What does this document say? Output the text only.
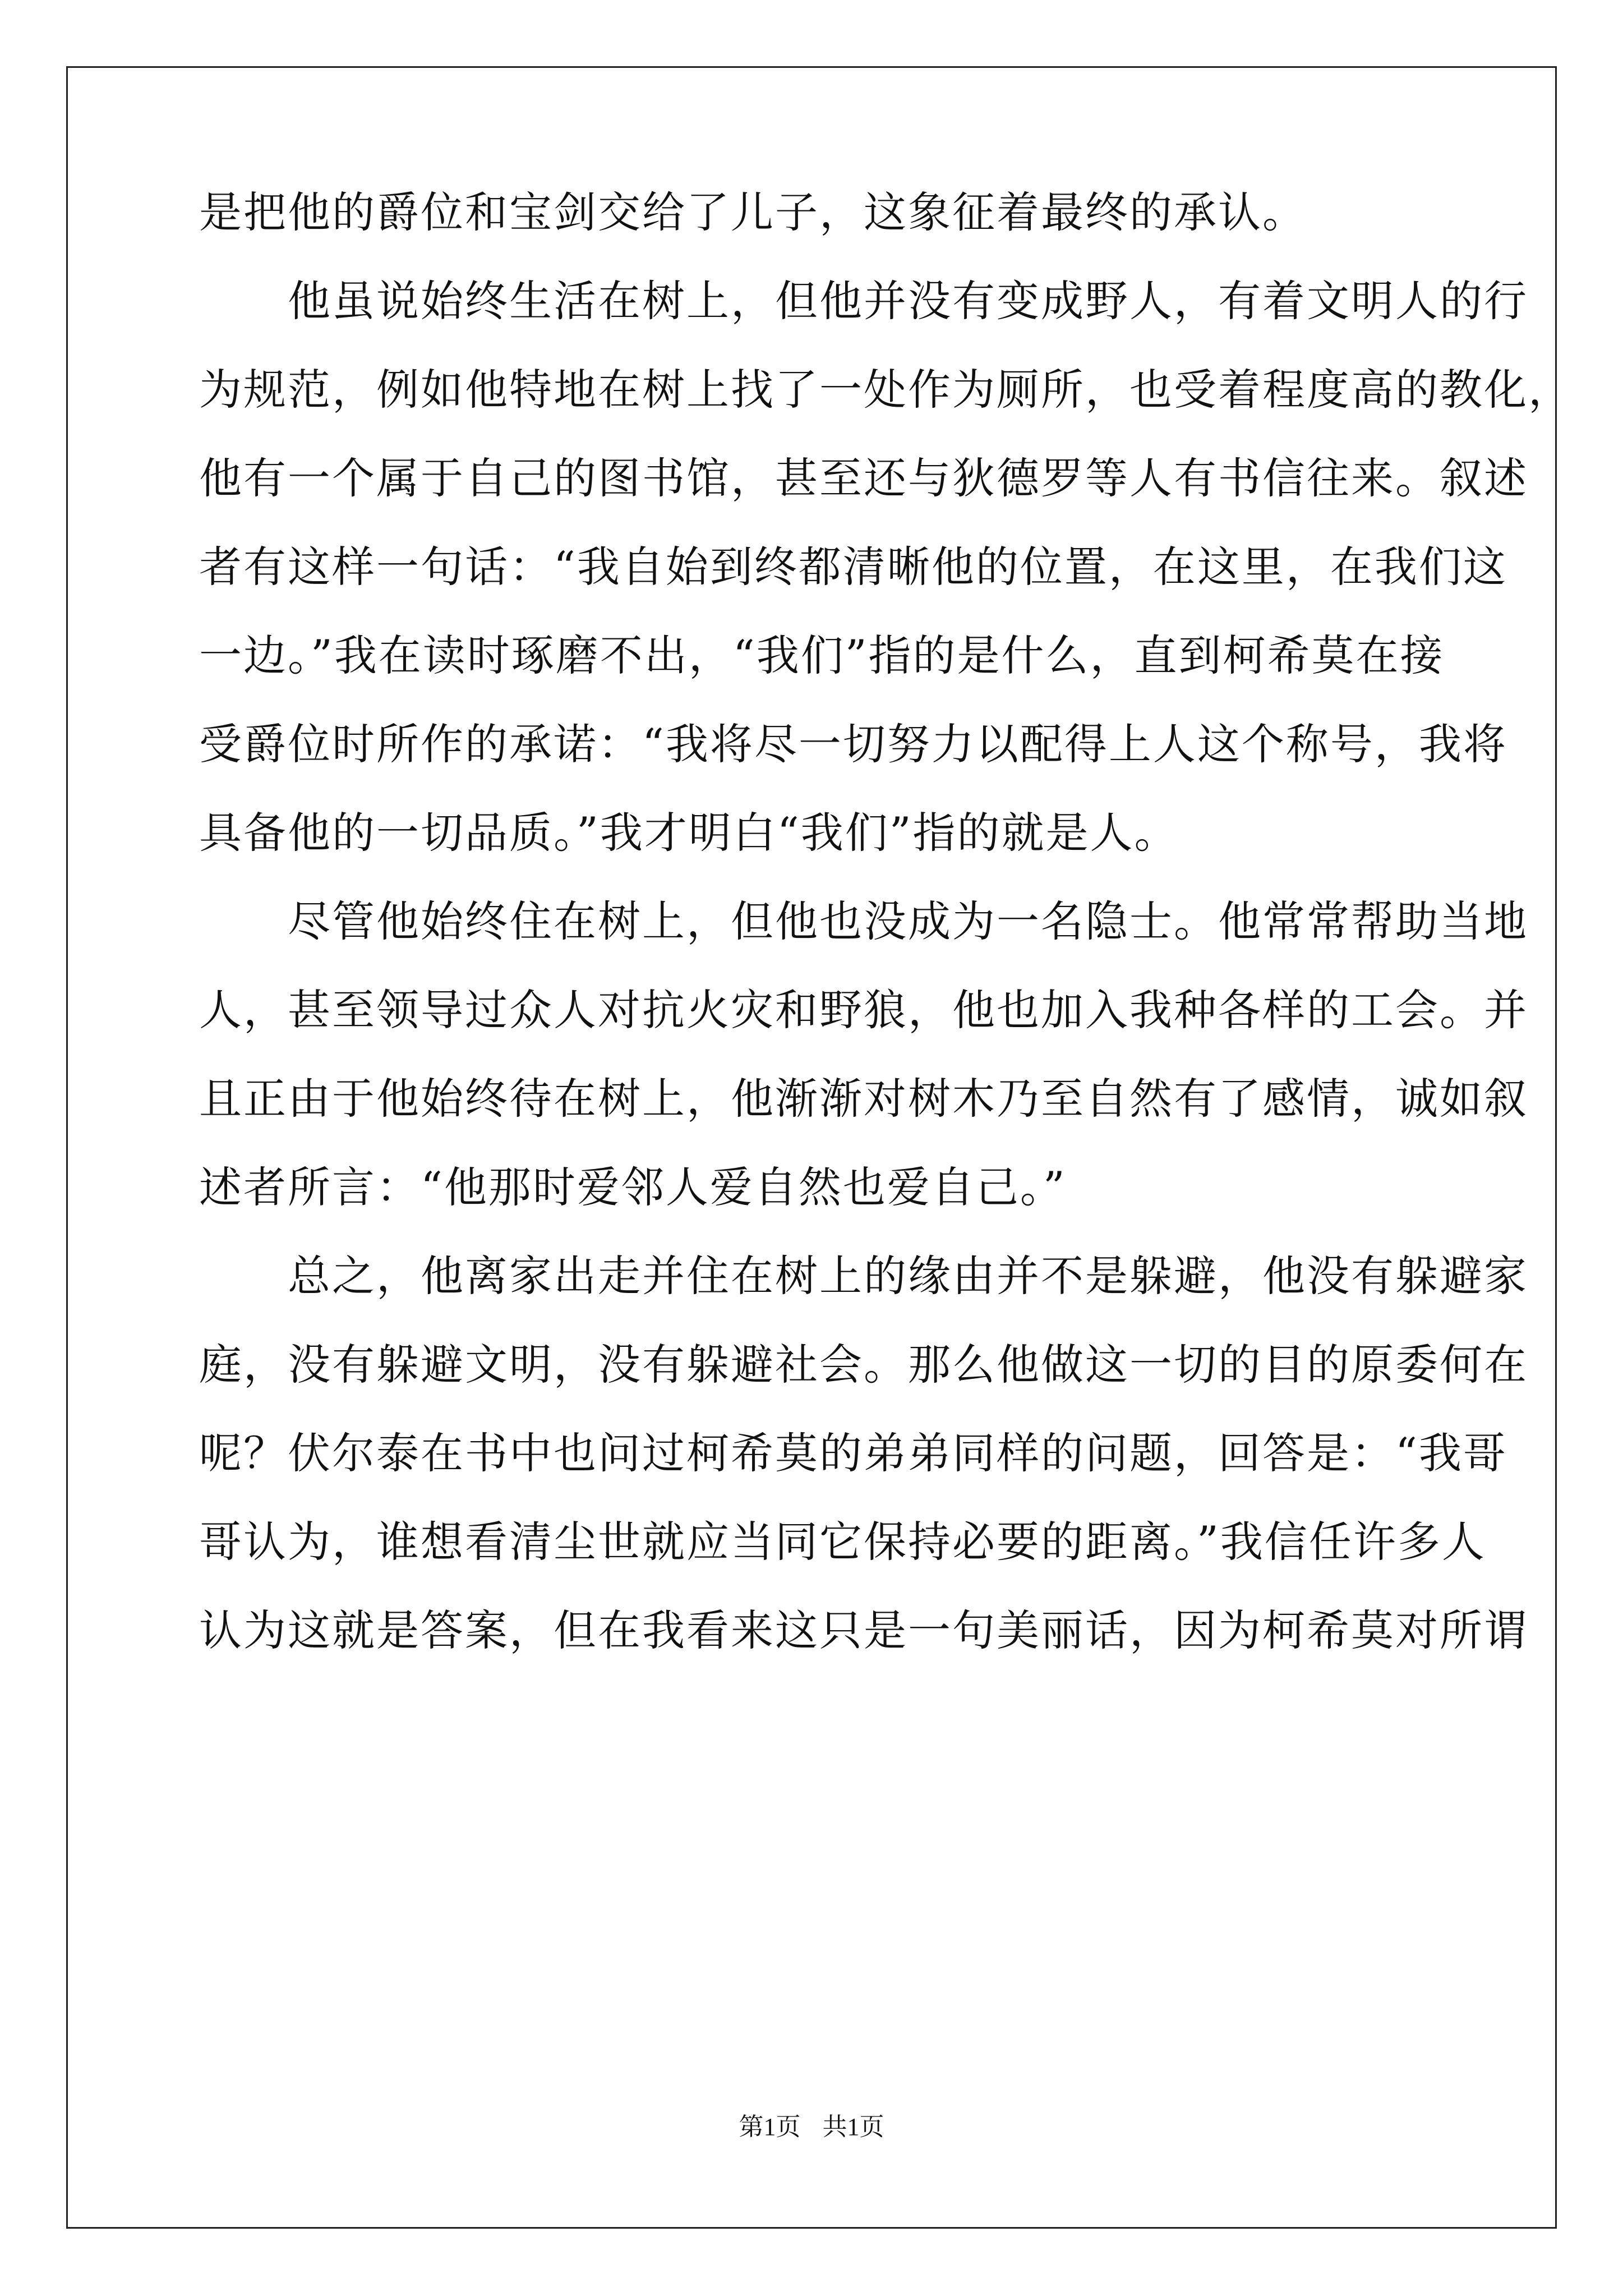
是把他的爵位和宝剑交给了儿子，这象征着最终的承认。
　　他虽说始终生活在树上，但他并没有变成野人，有着文明人的行
为规范，例如他特地在树上找了一处作为厕所，也受着程度高的教化，
他有一个属于自己的图书馆，甚至还与狄德罗等人有书信往来。叙述
者有这样一句话：“我自始到终都清晰他的位置，在这里，在我们这
一边。”我在读时琢磨不出，“我们”指的是什么，直到柯希莫在接
受爵位时所作的承诺：“我将尽一切努力以配得上人这个称号，我将
具备他的一切品质。”我才明白“我们”指的就是人。
　　尽管他始终住在树上，但他也没成为一名隐士。他常常帮助当地
人，甚至领导过众人对抗火灾和野狼，他也加入我种各样的工会。并
且正由于他始终待在树上，他渐渐对树木乃至自然有了感情，诚如叙
述者所言：“他那时爱邻人爱自然也爱自己。”
　　总之，他离家出走并住在树上的缘由并不是躲避，他没有躲避家
庭，没有躲避文明，没有躲避社会。那么他做这一切的目的原委何在
呢？伏尔泰在书中也问过柯希莫的弟弟同样的问题，回答是：“我哥
哥认为，谁想看清尘世就应当同它保持必要的距离。”我信任许多人
认为这就是答案，但在我看来这只是一句美丽话，因为柯希莫对所谓
第1页 共1页
